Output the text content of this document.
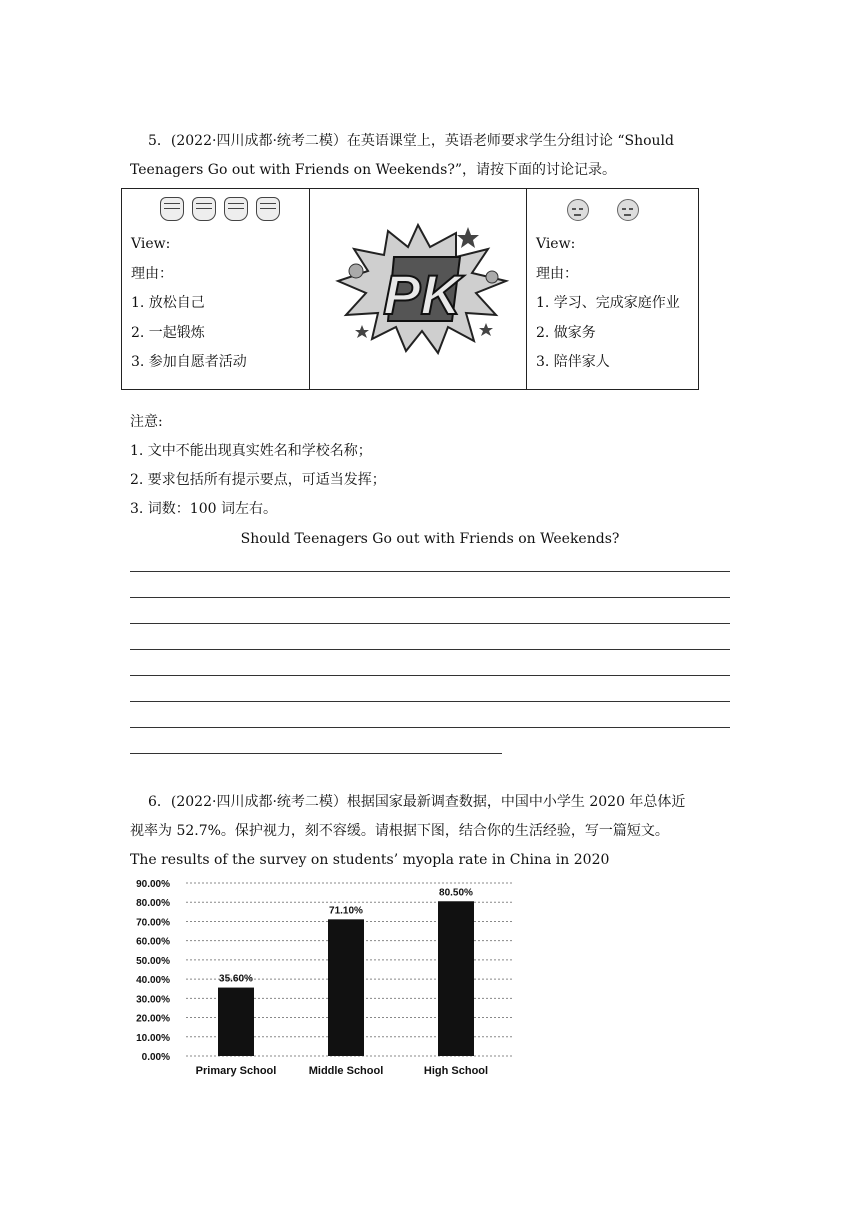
5．(2022·四川成都·统考二模）在英语课堂上，英语老师要求学生分组讨论 “Should
Teenagers Go out with Friends on Weekends?”，请按下面的讨论记录。
View:
理由：
1. 放松自己
2. 一起锻炼
3. 参加自愿者活动

PK

View:
理由：
1. 学习、完成家庭作业
2. 做家务
3. 陪伴家人
注意:
1. 文中不能出现真实姓名和学校名称；
2. 要求包括所有提示要点，可适当发挥；
3. 词数：100 词左右。
Should Teenagers Go out with Friends on Weekends?
6．(2022·四川成都·统考二模）根据国家最新调查数据，中国中小学生 2020 年总体近
视率为 52.7%。保护视力，刻不容缓。请根据下图，结合你的生活经验，写一篇短文。
The results of the survey on students’ myopla rate in China in 2020
0.00%
10.00%
20.00%
30.00%
40.00%
50.00%
60.00%
70.00%
80.00%
90.00%
35.60%
71.10%
80.50%
Primary School	Middle School	High School
